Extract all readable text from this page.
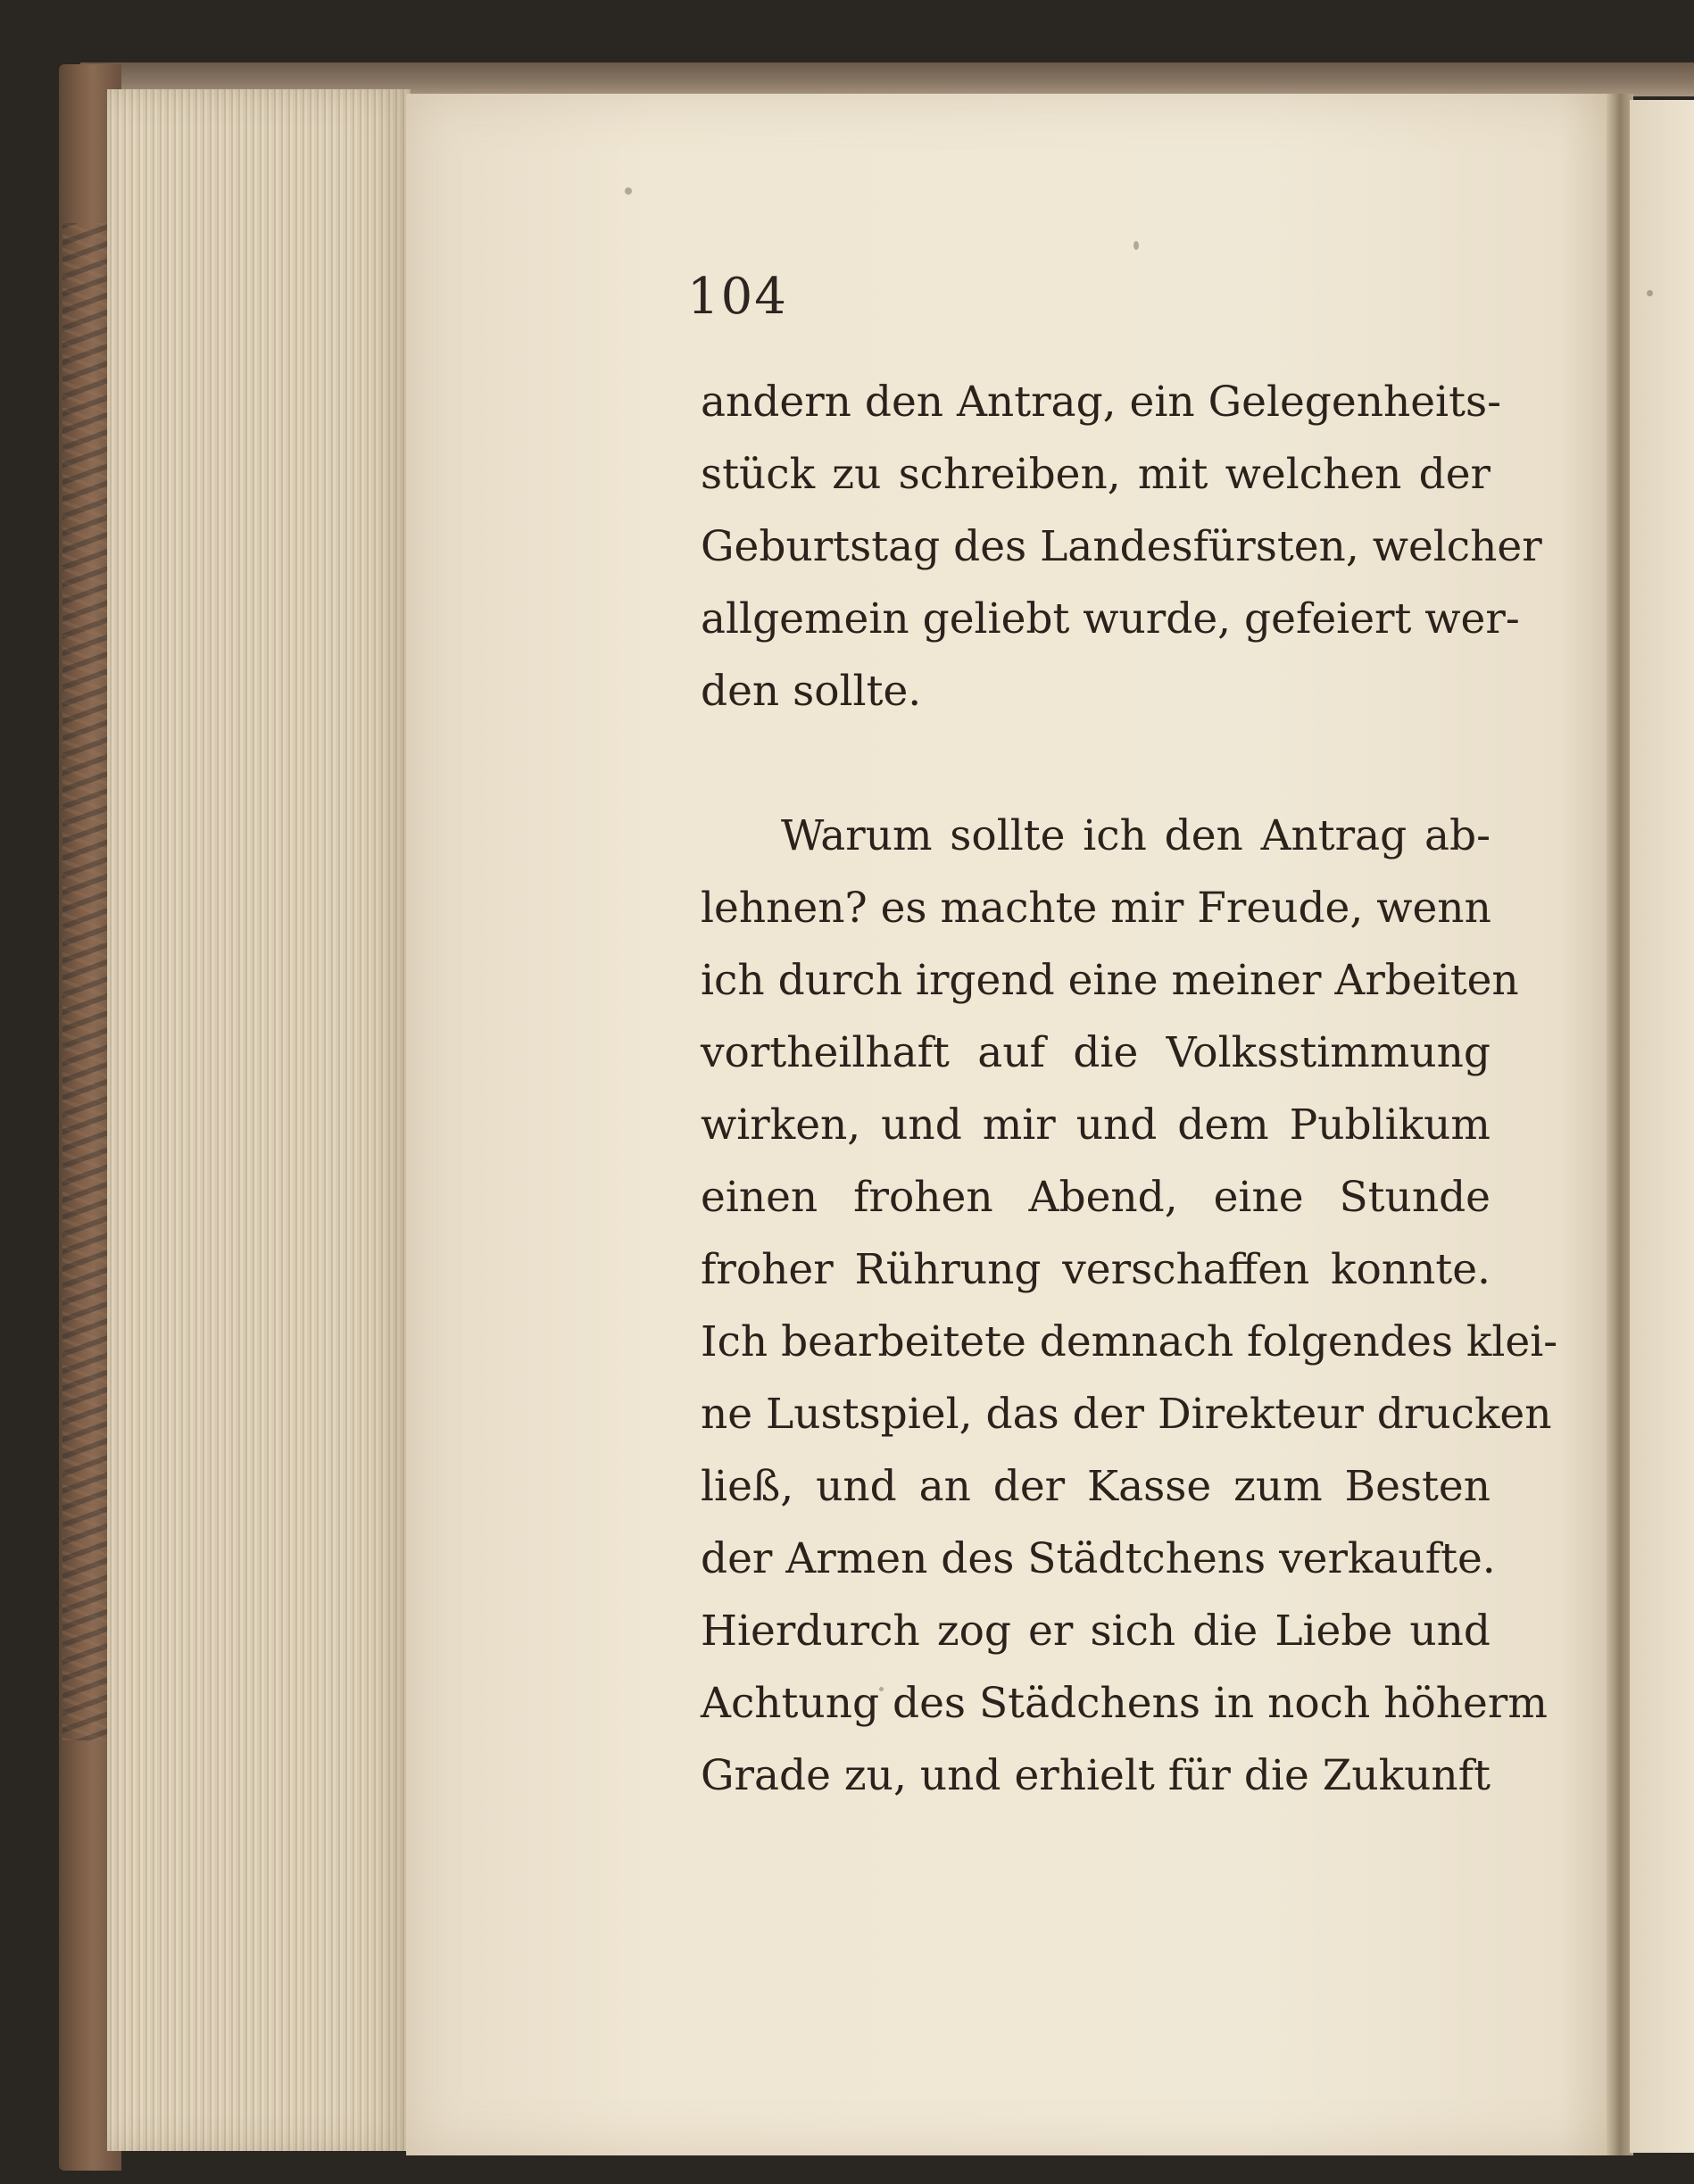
104
andern den Antrag, ein Gelegenheits-
stück zu schreiben, mit welchen der
Geburtstag des Landesfürsten, welcher
allgemein geliebt wurde, gefeiert wer-
den sollte.
Warum sollte ich den Antrag ab-
lehnen? es machte mir Freude, wenn
ich durch irgend eine meiner Arbeiten
vortheilhaft auf die Volksstimmung
wirken, und mir und dem Publikum
einen frohen Abend, eine Stunde
froher Rührung verschaffen konnte.
Ich bearbeitete demnach folgendes klei-
ne Lustspiel, das der Direkteur drucken
ließ, und an der Kasse zum Besten
der Armen des Städtchens verkaufte.
Hierdurch zog er sich die Liebe und
Achtung des Städchens in noch höherm
Grade zu, und erhielt für die Zukunft
